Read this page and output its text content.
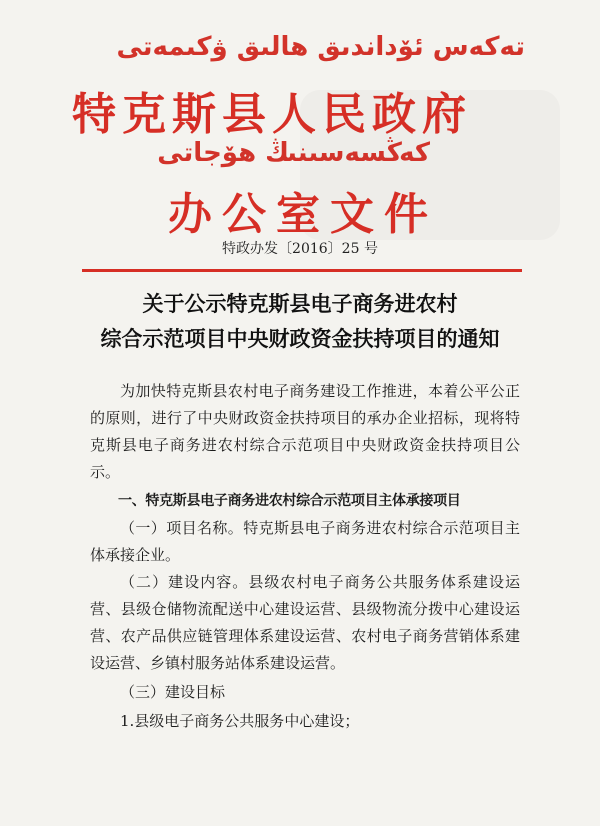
تەكەس ئۆداندىق ھالىق ۋكىمەتى
特克斯县人民政府
كەڭسەسىنىڭ ھۆجاتى
办公室文件
特政办发〔2016〕25 号
关于公示特克斯县电子商务进农村
综合示范项目中央财政资金扶持项目的通知

为加快特克斯县农村电子商务建设工作推进，本着公平公正的原则，进行了中央财政资金扶持项目的承办企业招标，现将特克斯县电子商务进农村综合示范项目中央财政资金扶持项目公示。

一、特克斯县电子商务进农村综合示范项目主体承接项目

（一）项目名称。特克斯县电子商务进农村综合示范项目主体承接企业。

（二）建设内容。县级农村电子商务公共服务体系建设运营、县级仓储物流配送中心建设运营、县级物流分拨中心建设运营、农产品供应链管理体系建设运营、农村电子商务营销体系建设运营、乡镇村服务站体系建设运营。

（三）建设目标

1.县级电子商务公共服务中心建设；
